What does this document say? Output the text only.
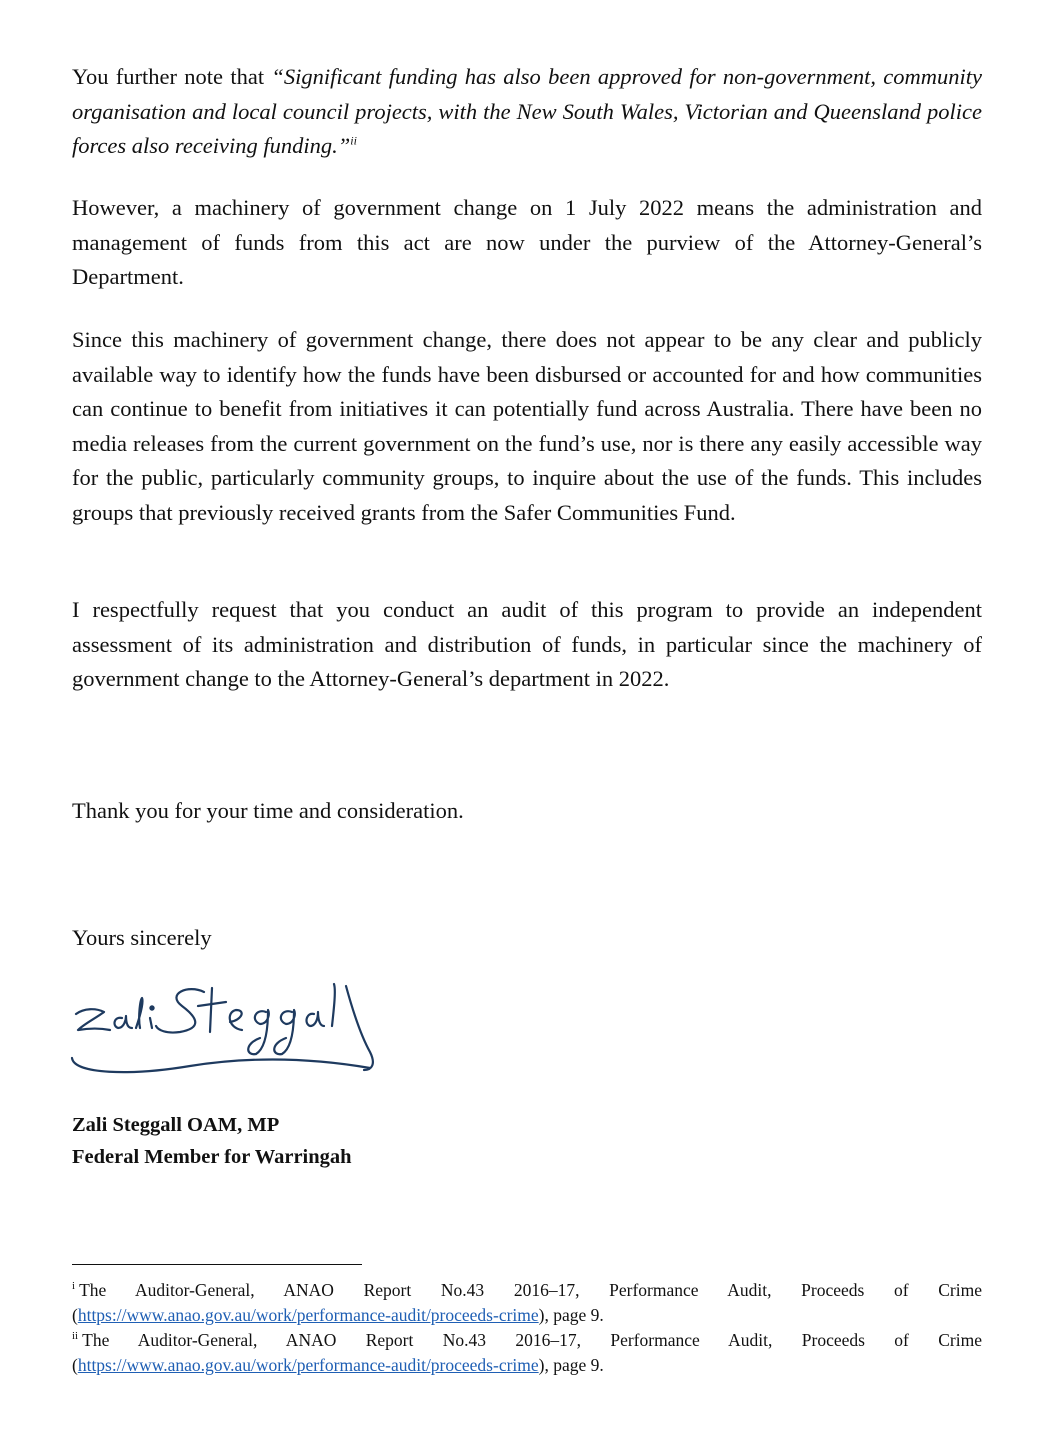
You further note that “Significant funding has also been approved for non-government, community organisation and local council projects, with the New South Wales, Victorian and Queensland police forces also receiving funding.”$^{ii}$

However, a machinery of government change on 1 July 2022 means the administration and management of funds from this act are now under the purview of the Attorney-General’s Department.

Since this machinery of government change, there does not appear to be any clear and publicly available way to identify how the funds have been disbursed or accounted for and how communities can continue to benefit from initiatives it can potentially fund across Australia. There have been no media releases from the current government on the fund’s use, nor is there any easily accessible way for the public, particularly community groups, to inquire about the use of the funds. This includes groups that previously received grants from the Safer Communities Fund.

I respectfully request that you conduct an audit of this program to provide an independent assessment of its administration and distribution of funds, in particular since the machinery of government change to the Attorney-General’s department in 2022.

Thank you for your time and consideration.

Yours sincerely

Zali Steggall OAM, MP
Federal Member for Warringah

$^i$ The Auditor-General, ANAO Report No.43 2016–17, Performance Audit, Proceeds of Crime (https://www.anao.gov.au/work/performance-audit/proceeds-crime), page 9.

$^{ii}$ The Auditor-General, ANAO Report No.43 2016–17, Performance Audit, Proceeds of Crime (https://www.anao.gov.au/work/performance-audit/proceeds-crime), page 9.
